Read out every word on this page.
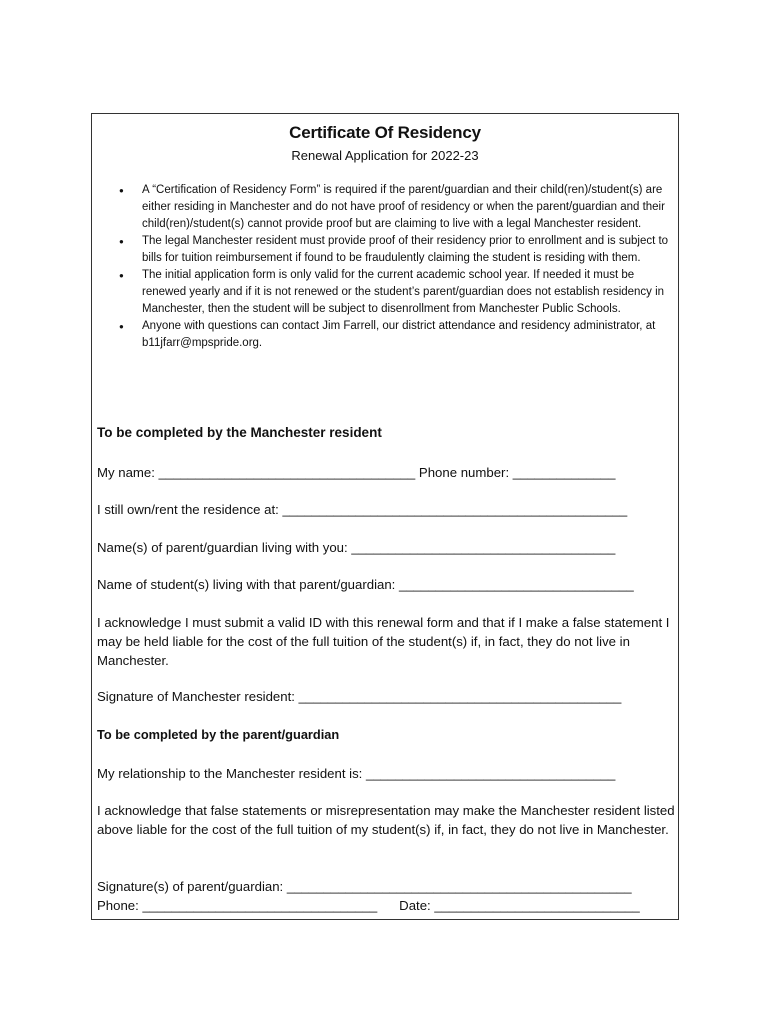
Certificate Of Residency
Renewal Application for 2022-23
● A “Certification of Residency Form” is required if the parent/guardian and their child(ren)/student(s) are either residing in Manchester and do not have proof of residency or when the parent/guardian and their child(ren)/student(s) cannot provide proof but are claiming to live with a legal Manchester resident.
● The legal Manchester resident must provide proof of their residency prior to enrollment and is subject to bills for tuition reimbursement if found to be fraudulently claiming the student is residing with them.
● The initial application form is only valid for the current academic school year. If needed it must be renewed yearly and if it is not renewed or the student’s parent/guardian does not establish residency in Manchester, then the student will be subject to disenrollment from Manchester Public Schools.
● Anyone with questions can contact Jim Farrell, our district attendance and residency administrator, at b11jfarr@mpspride.org.
To be completed by the Manchester resident
My name: ___________________________________ Phone number: ______________
I still own/rent the residence at: _______________________________________________
Name(s) of parent/guardian living with you: ____________________________________
Name of student(s) living with that parent/guardian: ________________________________
I acknowledge I must submit a valid ID with this renewal form and that if I make a false statement I may be held liable for the cost of the full tuition of the student(s) if, in fact, they do not live in Manchester.
Signature of Manchester resident: ____________________________________________
To be completed by the parent/guardian
My relationship to the Manchester resident is: __________________________________
I acknowledge that false statements or misrepresentation may make the Manchester resident listed above liable for the cost of the full tuition of my student(s) if, in fact, they do not live in Manchester.
Signature(s) of parent/guardian: _______________________________________________
Phone: ________________________________ Date: ____________________________
